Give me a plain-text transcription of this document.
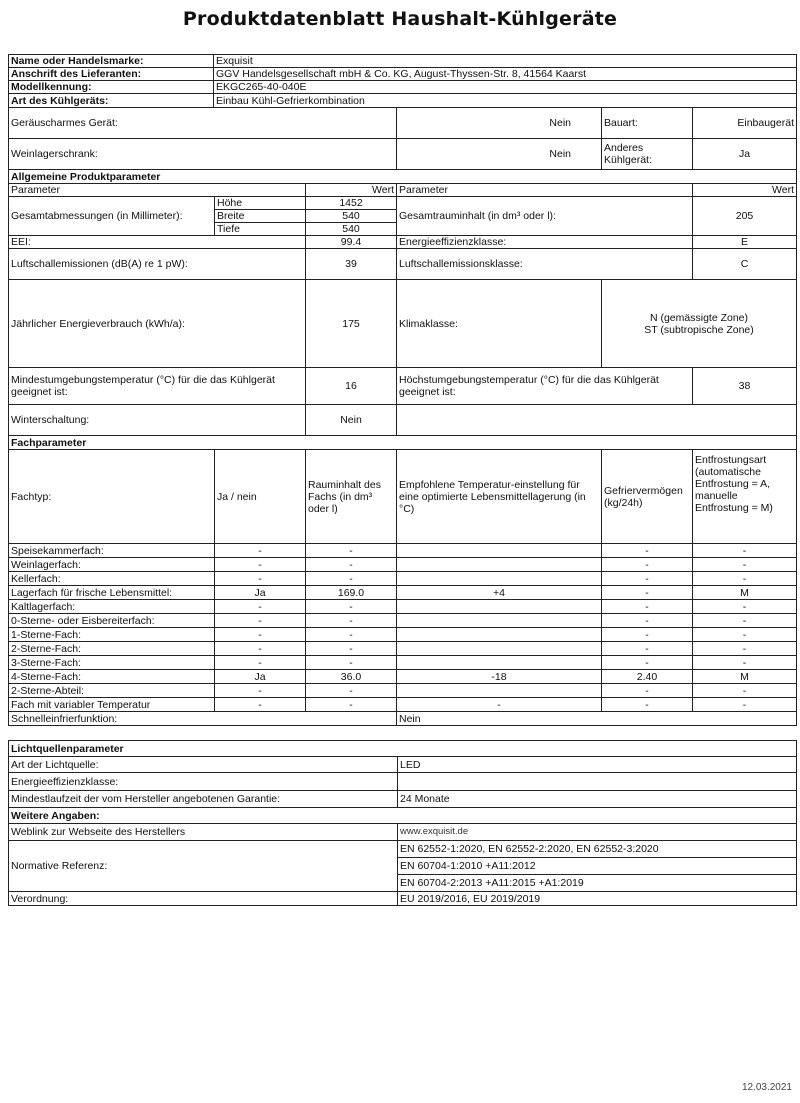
Produktdatenblatt Haushalt-Kühlgeräte
Name oder Handelsmarke:	Exquisit
Anschrift des Lieferanten:	GGV Handelsgesellschaft mbH & Co. KG, August-Thyssen-Str. 8, 41564 Kaarst
Modellkennung:	EKGC265-40-040E
Art des Kühlgeräts:	Einbau Kühl-Gefrierkombination
Geräuscharmes Gerät:			Nein	Bauart:	Einbaugerät
Weinlagerschrank:			Nein	Anderes Kühlgerät:	Ja
Allgemeine Produktparameter					
Parameter		Wert	Parameter		Wert
Gesamtabmessungen (in Millimeter):	Höhe	1452	Gesamtrauminhalt (in dm³ oder l):		205
	Breite	540			
	Tiefe	540			
EEI:		99.4	Energieeffizienzklasse:		E
Luftschallemissionen (dB(A) re 1 pW):		39	Luftschallemissionsklasse:		C
Jährlicher Energieverbrauch (kWh/a):		175	Klimaklasse:	N (gemässigte Zone)
ST (subtropische Zone)	

Mindestumgebungstemperatur (°C) für die das Kühlgerät geeignet ist:		16	Höchstumgebungstemperatur (°C) für die das Kühlgerät geeignet ist:		38
Winterschaltung:		Nein			
Fachparameter					
Fachtyp:	Ja / nein	Rauminhalt des Fachs (in dm³ oder l)	Empfohlene Temperatur-einstellung für eine optimierte Lebensmittellagerung (in °C)	Gefriervermögen (kg/24h)	Entfrostungsart (automatische Entfrostung = A, manuelle Entfrostung = M)
Speisekammerfach:	-	-		-	-
Weinlagerfach:	-	-		-	-
Kellerfach:	-	-		-	-
Lagerfach für frische Lebensmittel:	Ja	169.0	+4	-	M
Kaltlagerfach:	-	-		-	-
0-Sterne- oder Eisbereiterfach:	-	-		-	-
1-Sterne-Fach:	-	-		-	-
2-Sterne-Fach:	-	-		-	-
3-Sterne-Fach:	-	-		-	-
4-Sterne-Fach:	Ja	36.0	-18	2.40	M
2-Sterne-Abteil:	-	-		-	-
Fach mit variabler Temperatur	-	-	-	-	-
Schnelleinfrierfunktion:			Nein		
Lichtquellenparameter	
Art der Lichtquelle:	LED
Energieeffizienzklasse:	
Mindestlaufzeit der vom Hersteller angebotenen Garantie:	24 Monate
Weitere Angaben:	
Weblink zur Webseite des Herstellers	www.exquisit.de
Normative Referenz:	EN 62552-1:2020, EN 62552-2:2020, EN 62552-3:2020
	EN 60704-1:2010 +A11:2012
	EN 60704-2:2013 +A11:2015 +A1:2019
Verordnung:	EU 2019/2016, EU 2019/2019
12.03.2021
